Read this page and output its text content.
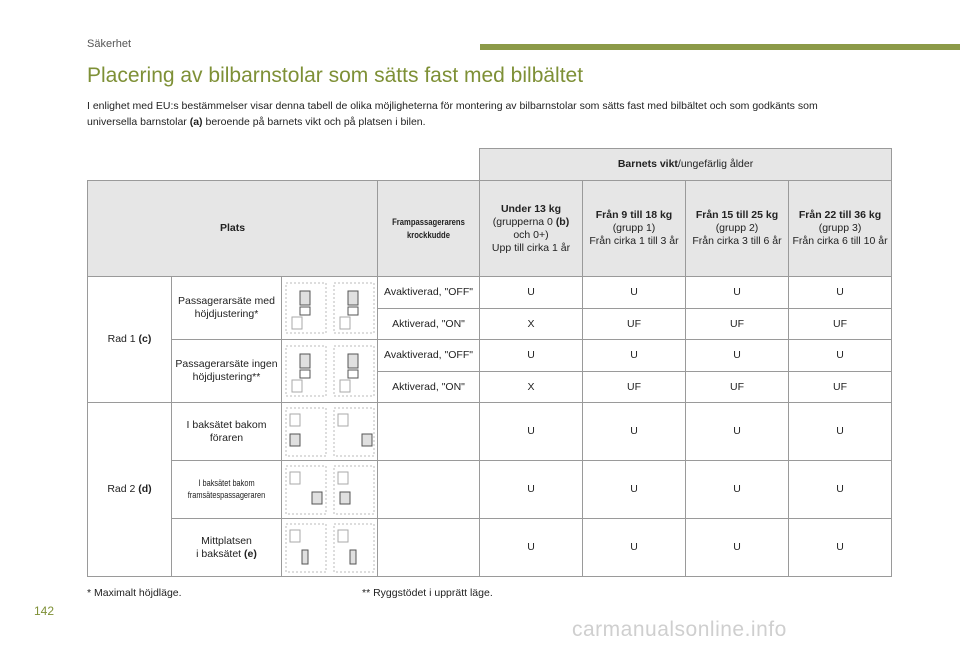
Säkerhet
Placering av bilbarnstolar som sätts fast med bilbältet

I enlighet med EU:s bestämmelser visar denna tabell de olika möjligheterna för montering av bilbarnstolar som sätts fast med bilbältet och som godkänts som universella barnstolar (a) beroende på barnets vikt och på platsen i bilen.

				Barnets vikt/ungefärlig ålder			
Plats			Frampassagerarens krockkudde	Under 13 kg
(grupperna 0 (b)
och 0+)
Upp till cirka 1 år	Från 9 till 18 kg
(grupp 1)
Från cirka 1 till 3 år	Från 15 till 25 kg
(grupp 2)
Från cirka 3 till 6 år	Från 22 till 36 kg
(grupp 3)
Från cirka 6 till 10 år
Rad 1 (c)	Passagerarsäte med höjdjustering*		Avaktiverad, "OFF"	U	U	U	U
			Aktiverad, "ON"	X	UF	UF	UF
	Passagerarsäte ingen höjdjustering**		Avaktiverad, "OFF"	U	U	U	U
			Aktiverad, "ON"	X	UF	UF	UF
Rad 2 (d)	I baksätet bakom föraren			U	U	U	U
	I baksätet bakom framsätespassageraren			U	U	U	U
	Mittplatsen
i baksätet (e)			U	U	U	U
* Maximalt höjdläge.	** Ryggstödet i upprätt läge.
142
carmanualsonline.info
